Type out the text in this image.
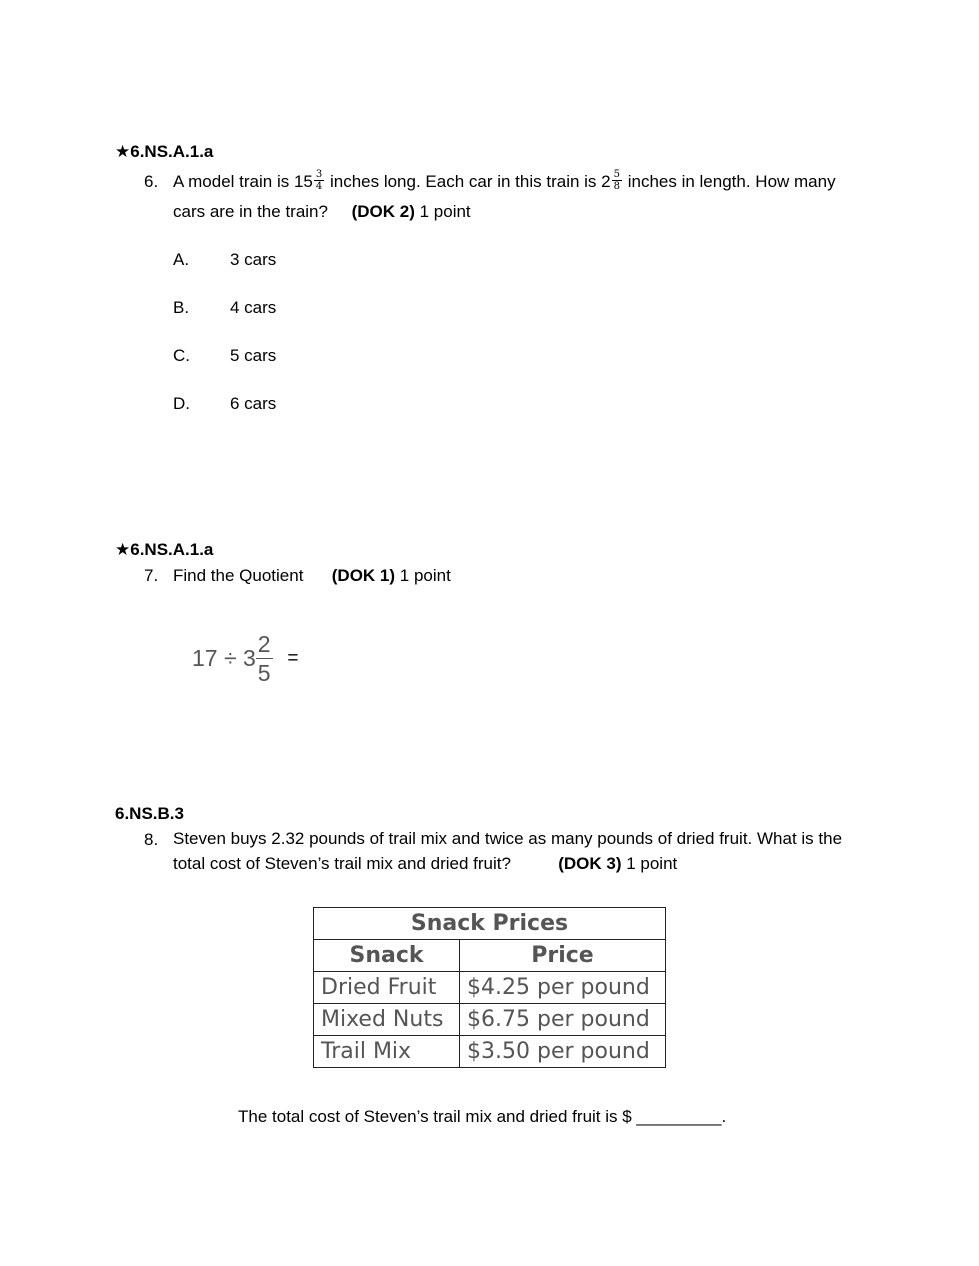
★6.NS.A.1.a
6. A model train is $15 \frac{3}{4}$ inches long. Each car in this train is $2 \frac{5}{8}$ inches in length. How many cars are in the train? (DOK 2) 1 point
A. 3 cars
B. 4 cars
C. 5 cars
D. 6 cars
★6.NS.A.1.a
7. Find the Quotient (DOK 1) 1 point
$17 \div 3 \frac{2}{5}$ =
6.NS.B.3
8. Steven buys 2.32 pounds of trail mix and twice as many pounds of dried fruit. What is the total cost of Steven’s trail mix and dried fruit?	(DOK 3) 1 point
Snack Prices	
Snack	Price
Dried Fruit	$4.25 per pound
Mixed Nuts	$6.75 per pound
Trail Mix	$3.50 per pound
The total cost of Steven’s trail mix and dried fruit is $ _________.
